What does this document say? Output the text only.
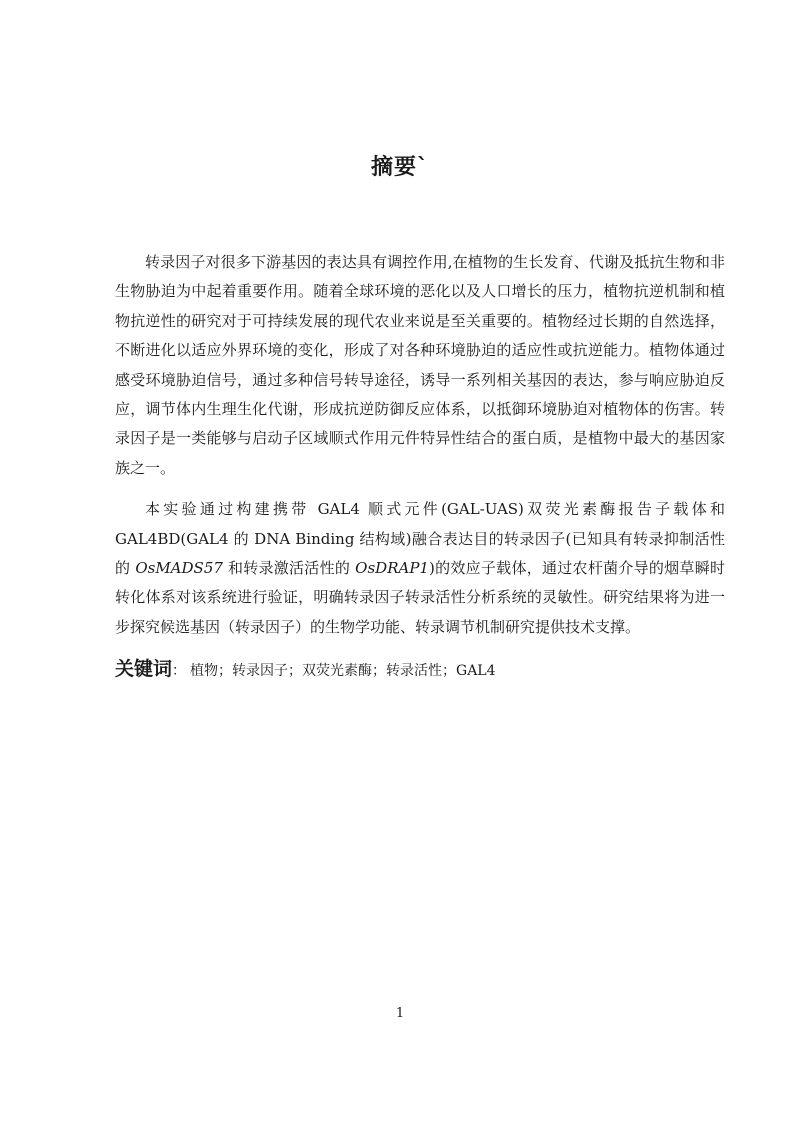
摘要`

转录因子对很多下游基因的表达具有调控作用,在植物的生长发育、代谢及抵抗生物和非生物胁迫为中起着重要作用。随着全球环境的恶化以及人口增长的压力，植物抗逆机制和植物抗逆性的研究对于可持续发展的现代农业来说是至关重要的。植物经过长期的自然选择，不断进化以适应外界环境的变化，形成了对各种环境胁迫的适应性或抗逆能力。植物体通过感受环境胁迫信号，通过多种信号转导途径，诱导一系列相关基因的表达，参与响应胁迫反应，调节体内生理生化代谢，形成抗逆防御反应体系，以抵御环境胁迫对植物体的伤害。转录因子是一类能够与启动子区域顺式作用元件特异性结合的蛋白质，是植物中最大的基因家族之一。

本实验通过构建携带 GAL4 顺式元件(GAL-UAS)双荧光素酶报告子载体和 GAL4BD(GAL4 的 DNA Binding 结构域)融合表达目的转录因子(已知具有转录抑制活性的 OsMADS57 和转录激活活性的 OsDRAP1)的效应子载体，通过农杆菌介导的烟草瞬时转化体系对该系统进行验证，明确转录因子转录活性分析系统的灵敏性。研究结果将为进一步探究候选基因（转录因子）的生物学功能、转录调节机制研究提供技术支撑。

关键词 ： 植物；转录因子；双荧光素酶；转录活性；GAL4
1
